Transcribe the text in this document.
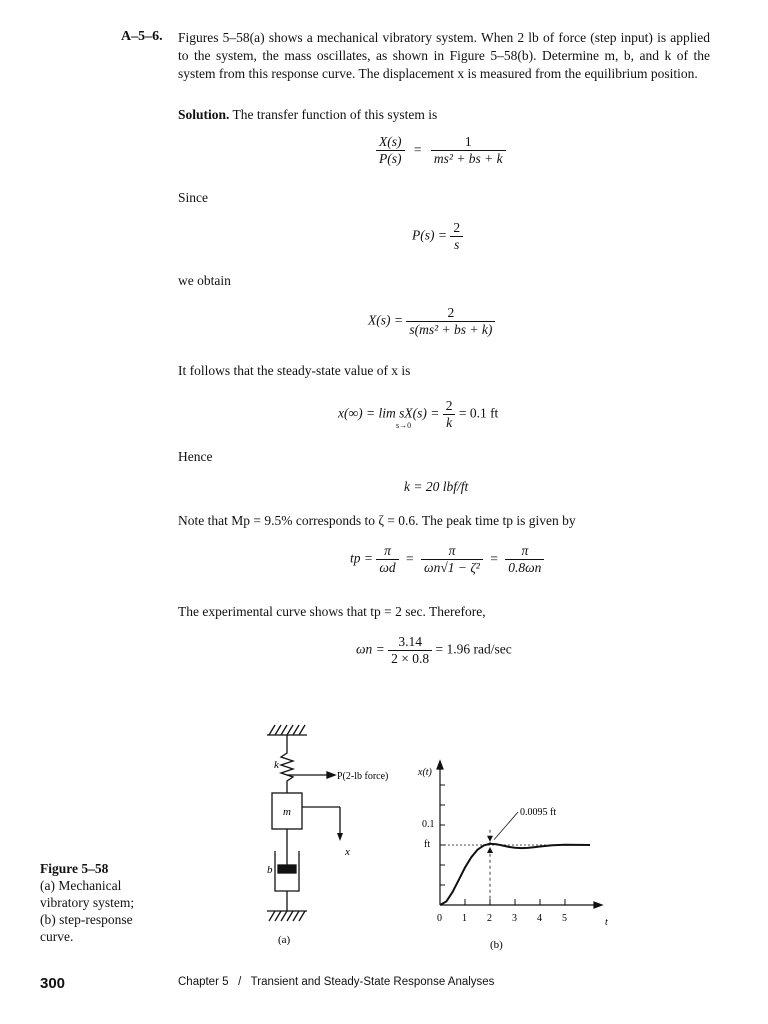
A–5–6. Figures 5–58(a) shows a mechanical vibratory system. When 2 lb of force (step input) is applied to the system, the mass oscillates, as shown in Figure 5–58(b). Determine m, b, and k of the system from this response curve. The displacement x is measured from the equilibrium position.
Solution. The transfer function of this system is
$\frac{X(s)}{P(s)} = \frac{1}{\text{ms² + bs + k}}$
Since
$P(s) = \frac{2}{s}$
we obtain
$X(s) = \frac{2}{\text{s(ms² + bs + k)}}$
It follows that the steady-state value of x is
$x(\infty) = \lim sX(s) = \frac{2}{k} = 0.1$ ft
s→0
Hence
k = 20 lbf/ft
Note that Mp = 9.5% corresponds to ζ = 0.6. The peak time tp is given by
tp = $\frac{\pi}{\omega d} = \frac{\pi}{\text{ωn√1 − ζ²}} = \frac{\pi}{0.8\omega n}$
The experimental curve shows that tp = 2 sec. Therefore,
$\omega n = \frac{3.14}{2 \times 0.8} = 1.96$ rad/sec
k
b
m
P(2-lb force)
x
(a)
0 1 2 3 4 5
x(t)
0.1
ft
0.0095 ft
t
(b)
Figure 5–58
(a) Mechanical
vibratory system;
(b) step-response
curve.
300	Chapter 5   /   Transient and Steady-State Response Analyses
